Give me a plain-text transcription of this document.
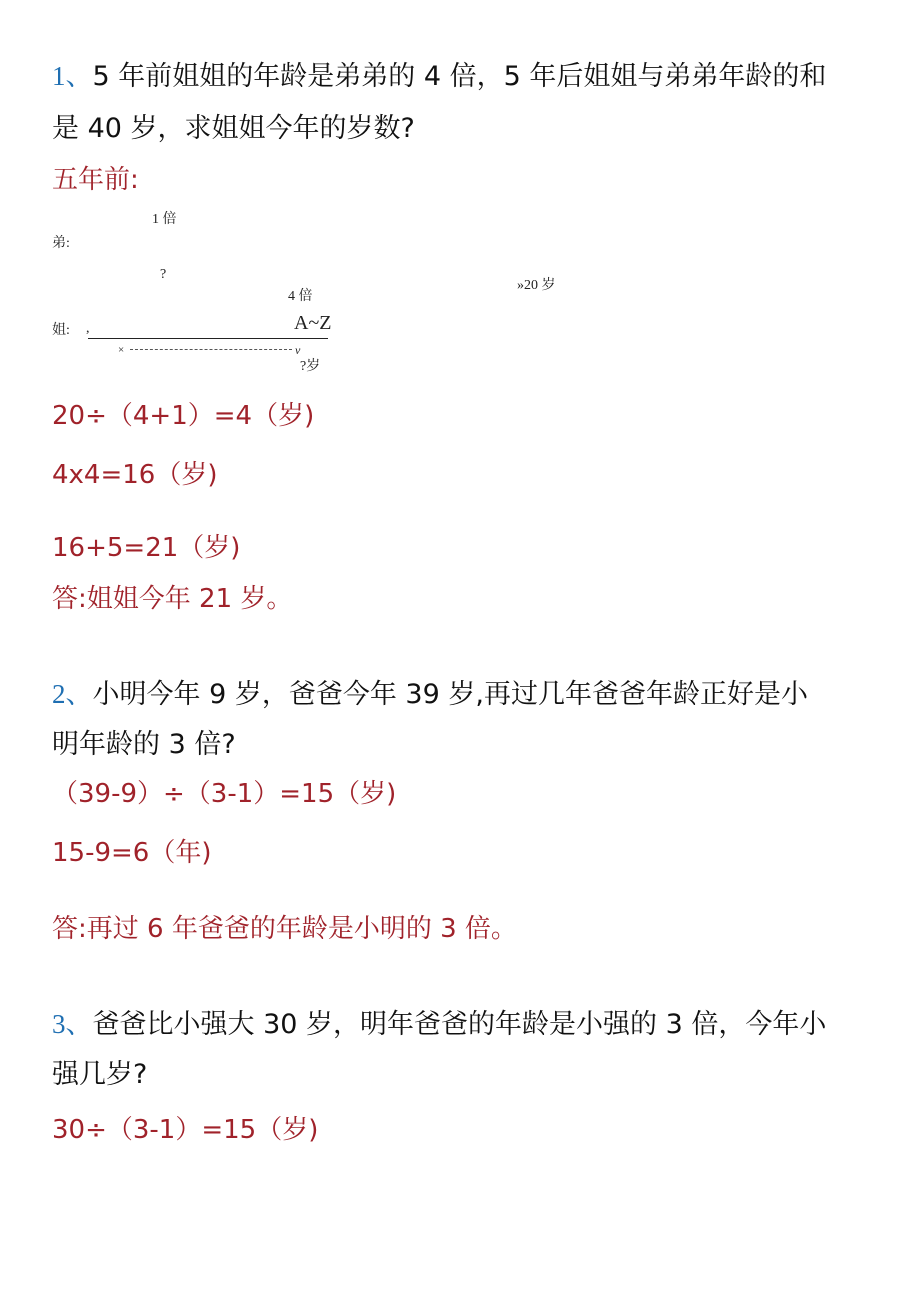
1、5 年前姐姐的年龄是弟弟的 4 倍，5 年后姐姐与弟弟年龄的和
是 40 岁，求姐姐今年的岁数?
五年前:
1 倍
弟:
?
»20 岁
4 倍
姐: ,	A~Z
×	v
?岁
20÷（4+1）=4（岁)
4x4=16（岁)
16+5=21（岁)
答:姐姐今年 21 岁。
2、小明今年 9 岁，爸爸今年 39 岁,再过几年爸爸年龄正好是小
明年龄的 3 倍?
（39-9）÷（3-1）=15（岁)
15-9=6（年)
答:再过 6 年爸爸的年龄是小明的 3 倍。
3、爸爸比小强大 30 岁，明年爸爸的年龄是小强的 3 倍，今年小
强几岁?
30÷（3-1）=15（岁)
